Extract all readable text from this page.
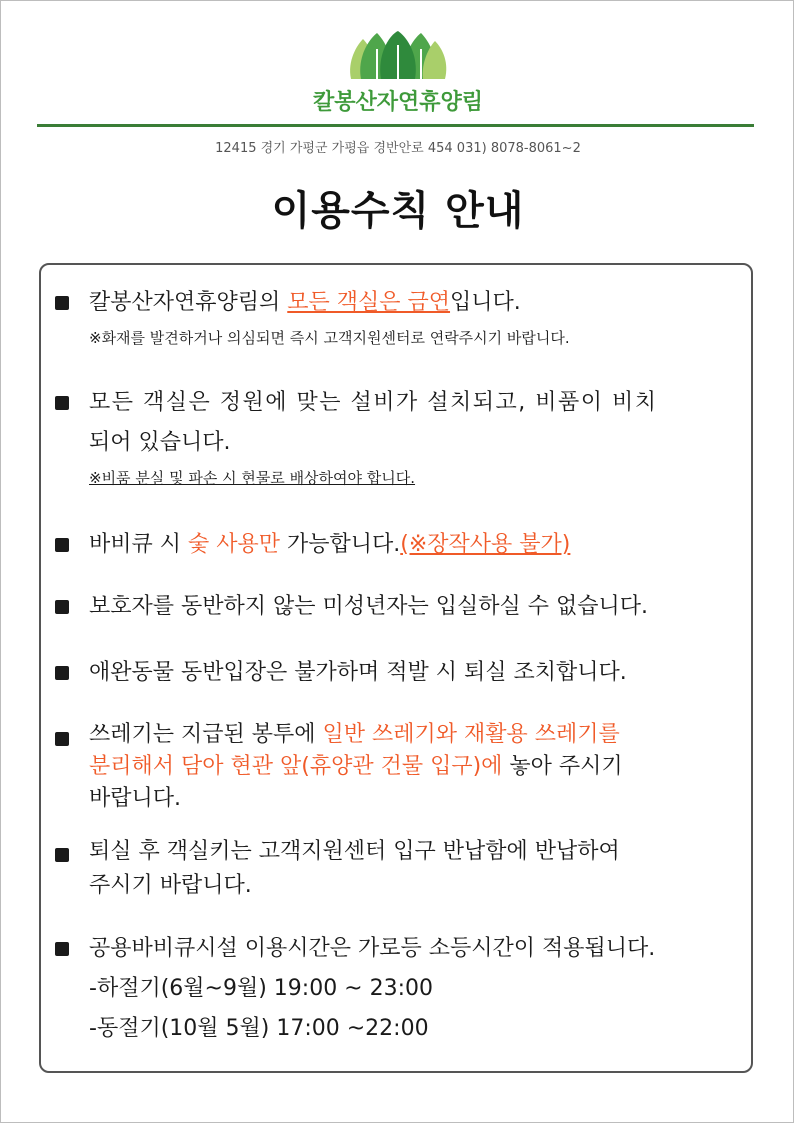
칼봉산자연휴양림
12415 경기 가평군 가평읍 경반안로 454 031) 8078-8061~2
이용수칙 안내
칼봉산자연휴양림의 모든 객실은 금연입니다.
※화재를 발견하거나 의심되면 즉시 고객지원센터로 연락주시기 바랍니다.
모든 객실은 정원에 맞는 설비가 설치되고, 비품이 비치
되어 있습니다.
※비품 분실 및 파손 시 현물로 배상하여야 합니다.
바비큐 시 숯 사용만 가능합니다.(※장작사용 불가)
보호자를 동반하지 않는 미성년자는 입실하실 수 없습니다.
애완동물 동반입장은 불가하며 적발 시 퇴실 조치합니다.
쓰레기는 지급된 봉투에 일반 쓰레기와 재활용 쓰레기를
분리해서 담아 현관 앞(휴양관 건물 입구)에 놓아 주시기
바랍니다.
퇴실 후 객실키는 고객지원센터 입구 반납함에 반납하여
주시기 바랍니다.
공용바비큐시설 이용시간은 가로등 소등시간이 적용됩니다.
-하절기(6월~9월) 19:00 ~ 23:00
-동절기(10월 5월) 17:00 ~22:00
